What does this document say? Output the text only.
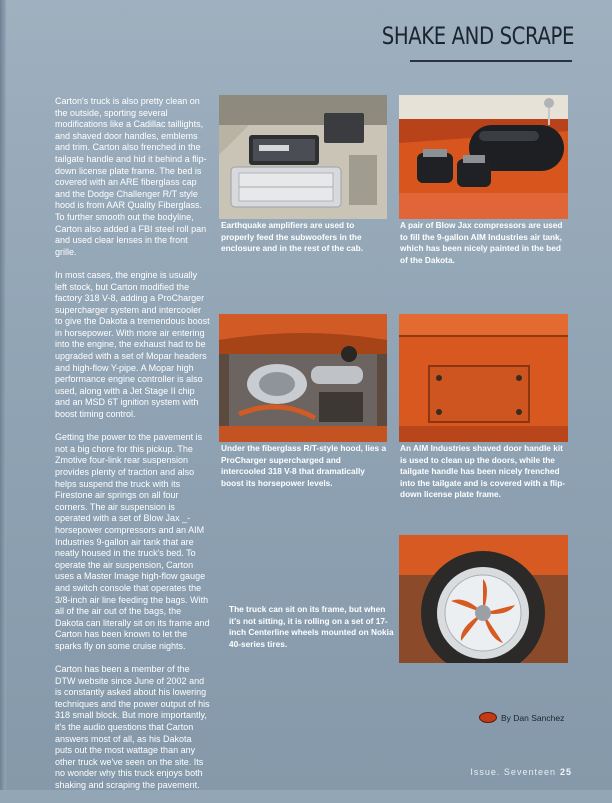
SHAKE AND SCRAPE

Carton's truck is also pretty clean on the outside, sporting several modifications like a Cadillac taillights, and shaved door handles, emblems and trim. Carton also frenched in the tailgate handle and hid it behind a flip-down license plate frame. The bed is covered with an ARE fiberglass cap and the Dodge Challenger R/T style hood is from AAR Quality Fiberglass. To further smooth out the bodyline, Carton also added a FBI steel roll pan and used clear lenses in the front grille.

In most cases, the engine is usually left stock, but Carton modified the factory 318 V-8, adding a ProCharger supercharger system and intercooler to give the Dakota a tremendous boost in horsepower. With more air entering into the engine, the exhaust had to be upgraded with a set of Mopar headers and high-flow Y-pipe. A Mopar high performance engine controller is also used, along with a Jet Stage II chip and an MSD 6T ignition system with boost timing control.

Getting the power to the pavement is not a big chore for this pickup. The Zmotive four-link rear suspension provides plenty of traction and also helps suspend the truck with its Firestone air springs on all four corners. The air suspension is operated with a set of Blow Jax _-horsepower compressors and an AIM Industries 9-gallon air tank that are neatly housed in the truck's bed. To operate the air suspension, Carton uses a Master Image high-flow gauge and switch console that operates the 3/8-inch air line feeding the bags. With all of the air out of the bags, the Dakota can literally sit on its frame and Carton has been known to let the sparks fly on some cruise nights.

Carton has been a member of the DTW website since June of 2002 and is constantly asked about his lowering techniques and the power output of his 318 small block. But more importantly, it's the audio questions that Carton answers most of all, as his Dakota puts out the most wattage than any other truck we've seen on the site. Its no wonder why this truck enjoys both shaking and scraping the pavement.

Earthquake amplifiers are used to properly feed the subwoofers in the enclosure and in the rest of the cab.
A pair of Blow Jax compressors are used to fill the 9-gallon AIM Industries air tank, which has been nicely painted in the bed of the Dakota.
Under the fiberglass R/T-style hood, lies a ProCharger supercharged and intercooled 318 V-8 that dramatically boost its horsepower levels.
An AIM Industries shaved door handle kit is used to clean up the doors, while the tailgate handle has been nicely frenched into the tailgate and is covered with a flip-down license plate frame.
The truck can sit on its frame, but when it's not sitting, it is rolling on a set of 17-inch Centerline wheels mounted on Nokia 40-series tires.
By Dan Sanchez
Issue. Seventeen 25
